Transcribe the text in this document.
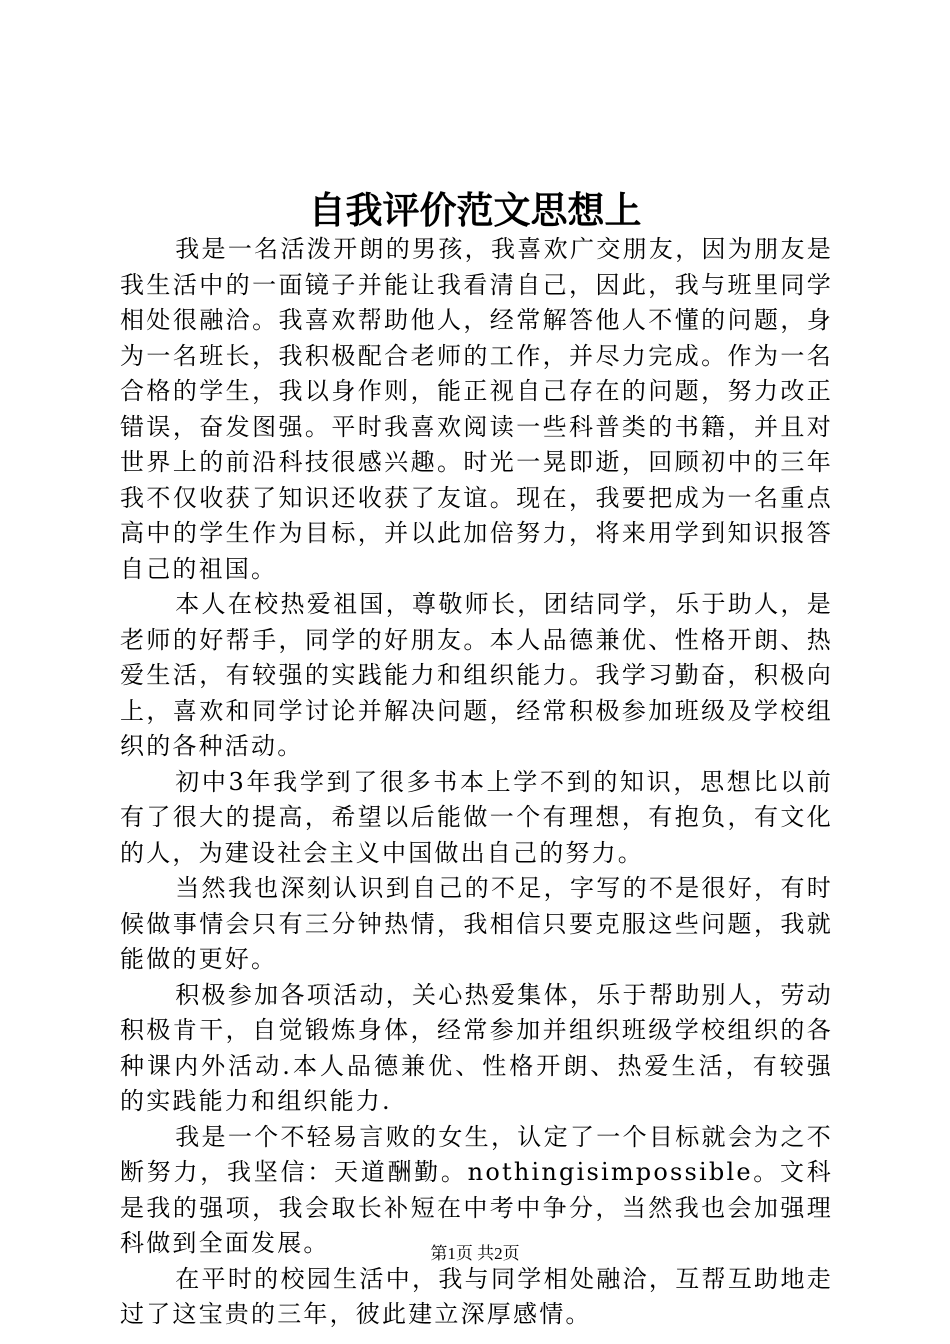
自我评价范文思想上

我是一名活泼开朗的男孩，我喜欢广交朋友，因为朋友是我生活中的一面镜子并能让我看清自己，因此，我与班里同学相处很融洽。我喜欢帮助他人，经常解答他人不懂的问题，身为一名班长，我积极配合老师的工作，并尽力完成。作为一名合格的学生，我以身作则，能正视自己存在的问题，努力改正错误，奋发图强。平时我喜欢阅读一些科普类的书籍，并且对世界上的前沿科技很感兴趣。时光一晃即逝，回顾初中的三年我不仅收获了知识还收获了友谊。现在，我要把成为一名重点高中的学生作为目标，并以此加倍努力，将来用学到知识报答自己的祖国。

本人在校热爱祖国，尊敬师长，团结同学，乐于助人，是老师的好帮手，同学的好朋友。本人品德兼优、性格开朗、热爱生活，有较强的实践能力和组织能力。我学习勤奋，积极向上，喜欢和同学讨论并解决问题，经常积极参加班级及学校组织的各种活动。

初中3年我学到了很多书本上学不到的知识，思想比以前有了很大的提高，希望以后能做一个有理想，有抱负，有文化的人，为建设社会主义中国做出自己的努力。

当然我也深刻认识到自己的不足，字写的不是很好，有时候做事情会只有三分钟热情，我相信只要克服这些问题，我就能做的更好。

积极参加各项活动，关心热爱集体，乐于帮助别人，劳动积极肯干，自觉锻炼身体，经常参加并组织班级学校组织的各种课内外活动.本人品德兼优、性格开朗、热爱生活，有较强的实践能力和组织能力.

我是一个不轻易言败的女生，认定了一个目标就会为之不断努力，我坚信：天道酬勤。nothingisimpossible。文科是我的强项，我会取长补短在中考中争分，当然我也会加强理科做到全面发展。

在平时的校园生活中，我与同学相处融洽，互帮互助地走过了这宝贵的三年，彼此建立深厚感情。

第1页 共2页
